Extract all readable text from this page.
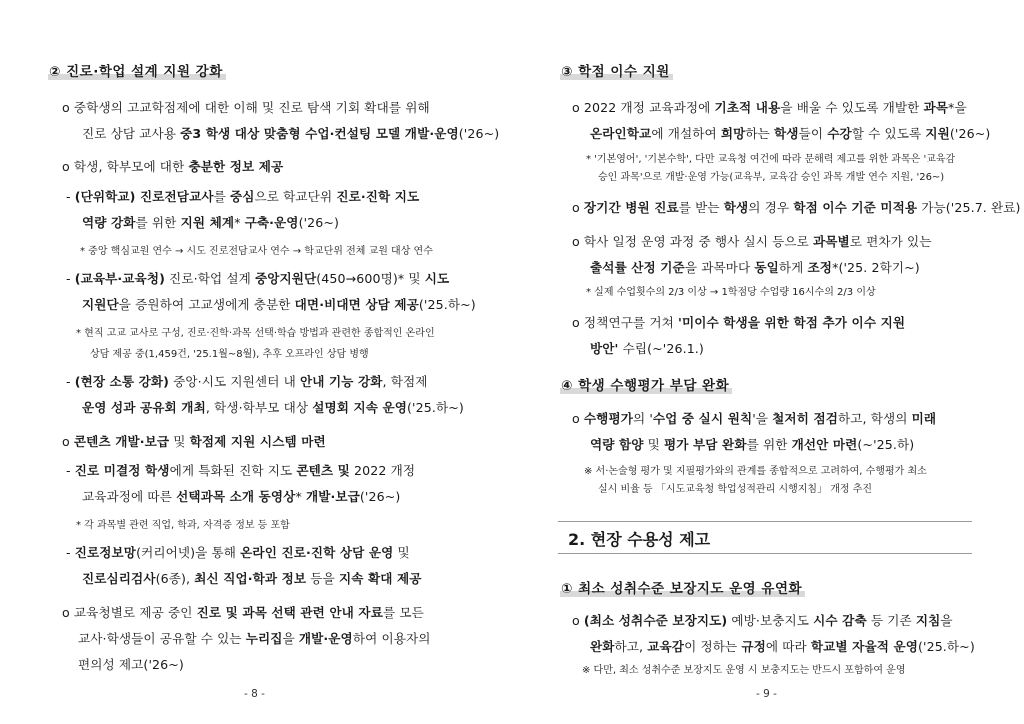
② 진로·학업 설계 지원 강화
o 중학생의 고교학점제에 대한 이해 및 진로 탐색 기회 확대를 위해
진로 상담 교사용 중3 학생 대상 맞춤형 수업·컨설팅 모델 개발·운영('26~)
o 학생, 학부모에 대한 충분한 정보 제공
- (단위학교) 진로전담교사를 중심으로 학교단위 진로·진학 지도
역량 강화를 위한 지원 체계* 구축·운영('26~)
* 중앙 핵심교원 연수 → 시도 진로전담교사 연수 → 학교단위 전체 교원 대상 연수
- (교육부·교육청) 진로·학업 설계 중앙지원단(450→600명)* 및 시도
지원단을 증원하여 고교생에게 충분한 대면·비대면 상담 제공('25.하~)
* 현직 고교 교사로 구성, 진로·진학·과목 선택·학습 방법과 관련한 종합적인 온라인
상담 제공 중(1,459건, '25.1월~8월), 추후 오프라인 상담 병행
- (현장 소통 강화) 중앙·시도 지원센터 내 안내 기능 강화, 학점제
운영 성과 공유회 개최, 학생·학부모 대상 설명회 지속 운영('25.하~)
o 콘텐츠 개발·보급 및 학점제 지원 시스템 마련
- 진로 미결정 학생에게 특화된 진학 지도 콘텐츠 및 2022 개정
교육과정에 따른 선택과목 소개 동영상* 개발·보급('26~)
* 각 과목별 관련 직업, 학과, 자격증 정보 등 포함
- 진로정보망(커리어넷)을 통해 온라인 진로·진학 상담 운영 및
진로심리검사(6종), 최신 직업·학과 정보 등을 지속 확대 제공
o 교육청별로 제공 중인 진로 및 과목 선택 관련 안내 자료를 모든
교사·학생들이 공유할 수 있는 누리집을 개발·운영하여 이용자의
편의성 제고('26~)
- 8 -
③ 학점 이수 지원
o 2022 개정 교육과정에 기초적 내용을 배울 수 있도록 개발한 과목*을
온라인학교에 개설하여 희망하는 학생들이 수강할 수 있도록 지원('26~)
* '기본영어', '기본수학', 다만 교육청 여건에 따라 문해력 제고를 위한 과목은 '교육감
승인 과목'으로 개발·운영 가능(교육부, 교육감 승인 과목 개발 연수 지원, '26~)
o 장기간 병원 진료를 받는 학생의 경우 학점 이수 기준 미적용 가능('25.7. 완료)
o 학사 일정 운영 과정 중 행사 실시 등으로 과목별로 편차가 있는
출석률 산정 기준을 과목마다 동일하게 조정*('25. 2학기~)
* 실제 수업횟수의 2/3 이상 → 1학점당 수업량 16시수의 2/3 이상
o 정책연구를 거쳐 '미이수 학생을 위한 학점 추가 이수 지원
방안' 수립(~'26.1.)
④ 학생 수행평가 부담 완화
o 수행평가의 '수업 중 실시 원칙'을 철저히 점검하고, 학생의 미래
역량 함양 및 평가 부담 완화를 위한 개선안 마련(~'25.하)
※ 서·논술형 평가 및 지필평가와의 관계를 종합적으로 고려하여, 수행평가 최소
실시 비율 등 「시도교육청 학업성적관리 시행지침」 개정 추진
2. 현장 수용성 제고
① 최소 성취수준 보장지도 운영 유연화
o (최소 성취수준 보장지도) 예방·보충지도 시수 감축 등 기존 지침을
완화하고, 교육감이 정하는 규정에 따라 학교별 자율적 운영('25.하~)
※ 다만, 최소 성취수준 보장지도 운영 시 보충지도는 반드시 포함하여 운영
- 9 -
